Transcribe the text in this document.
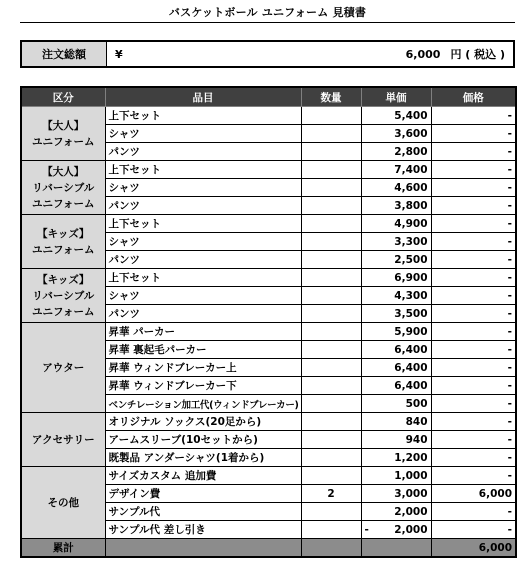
バスケットボール ユニフォーム 見積書
注文総額	¥	6,000 円 ( 税込 )
区分	品目	数量	単価	価格

【大人】
ユニフォーム	上下セット		5,400	-
	シャツ		3,600	-
	パンツ		2,800	-

【大人】
リバーシブル
ユニフォーム	上下セット		7,400	-
	シャツ		4,600	-
	パンツ		3,800	-

【キッズ】
ユニフォーム	上下セット		4,900	-
	シャツ		3,300	-
	パンツ		2,500	-

【キッズ】
リバーシブル
ユニフォーム	上下セット		6,900	-
	シャツ		4,300	-
	パンツ		3,500	-

アウター	昇華 パーカー		5,900	-
	昇華 裏起毛パーカー		6,400	-
	昇華 ウィンドブレーカー上		6,400	-
	昇華 ウィンドブレーカー下		6,400	-
	ベンチレーション加工代(ウィンドブレーカー)		500	-

アクセサリー	オリジナル ソックス(20足から)		840	-
	アームスリーブ(10セットから)		940	-
	既製品 アンダーシャツ(1着から)		1,200	-

その他	サイズカスタム 追加費		1,000	-
	デザイン費	2	3,000	6,000
	サンプル代		2,000	-
	サンプル代 差し引き		- 2,000	-
累計				6,000
